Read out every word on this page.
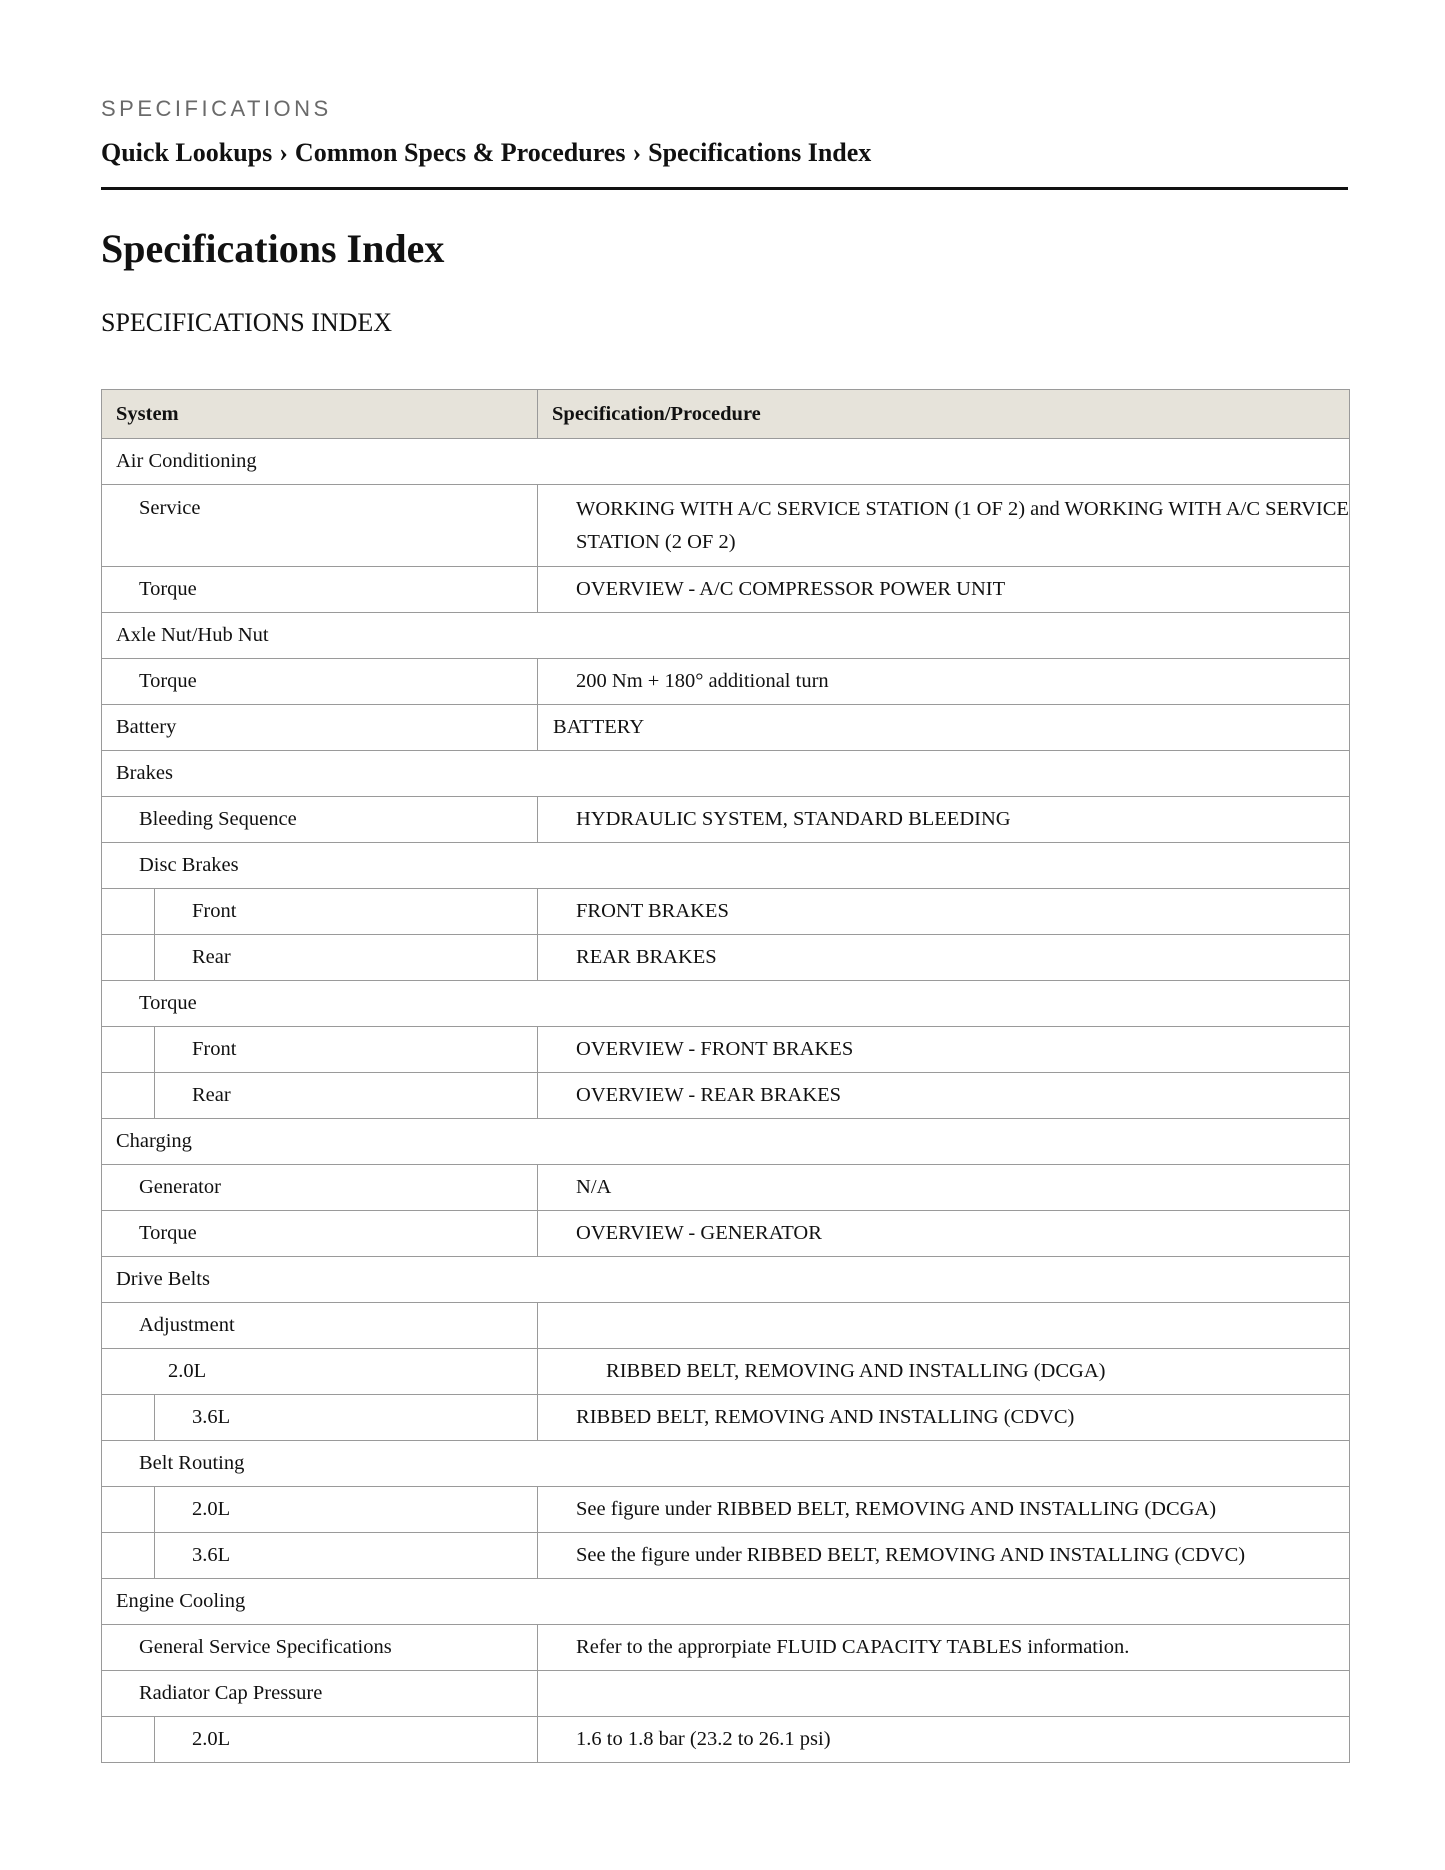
SPECIFICATIONS
Quick Lookups › Common Specs & Procedures › Specifications Index
Specifications Index
SPECIFICATIONS INDEX
System		Specification/Procedure
Air Conditioning		
Service		WORKING WITH A/C SERVICE STATION (1 OF 2) and WORKING WITH A/C SERVICE STATION (2 OF 2)
Torque		OVERVIEW - A/C COMPRESSOR POWER UNIT
Axle Nut/Hub Nut		
Torque		200 Nm + 180° additional turn
Battery		BATTERY
Brakes		
Bleeding Sequence		HYDRAULIC SYSTEM, STANDARD BLEEDING
Disc Brakes		
	Front	FRONT BRAKES
	Rear	REAR BRAKES
Torque		
	Front	OVERVIEW - FRONT BRAKES
	Rear	OVERVIEW - REAR BRAKES
Charging		
Generator		N/A
Torque		OVERVIEW - GENERATOR
Drive Belts		
Adjustment		
2.0L		RIBBED BELT, REMOVING AND INSTALLING (DCGA)
	3.6L	RIBBED BELT, REMOVING AND INSTALLING (CDVC)
Belt Routing		
	2.0L	See figure under RIBBED BELT, REMOVING AND INSTALLING (DCGA)
	3.6L	See the figure under RIBBED BELT, REMOVING AND INSTALLING (CDVC)
Engine Cooling		
General Service Specifications		Refer to the approrpiate FLUID CAPACITY TABLES information.
Radiator Cap Pressure		
	2.0L	1.6 to 1.8 bar (23.2 to 26.1 psi)
